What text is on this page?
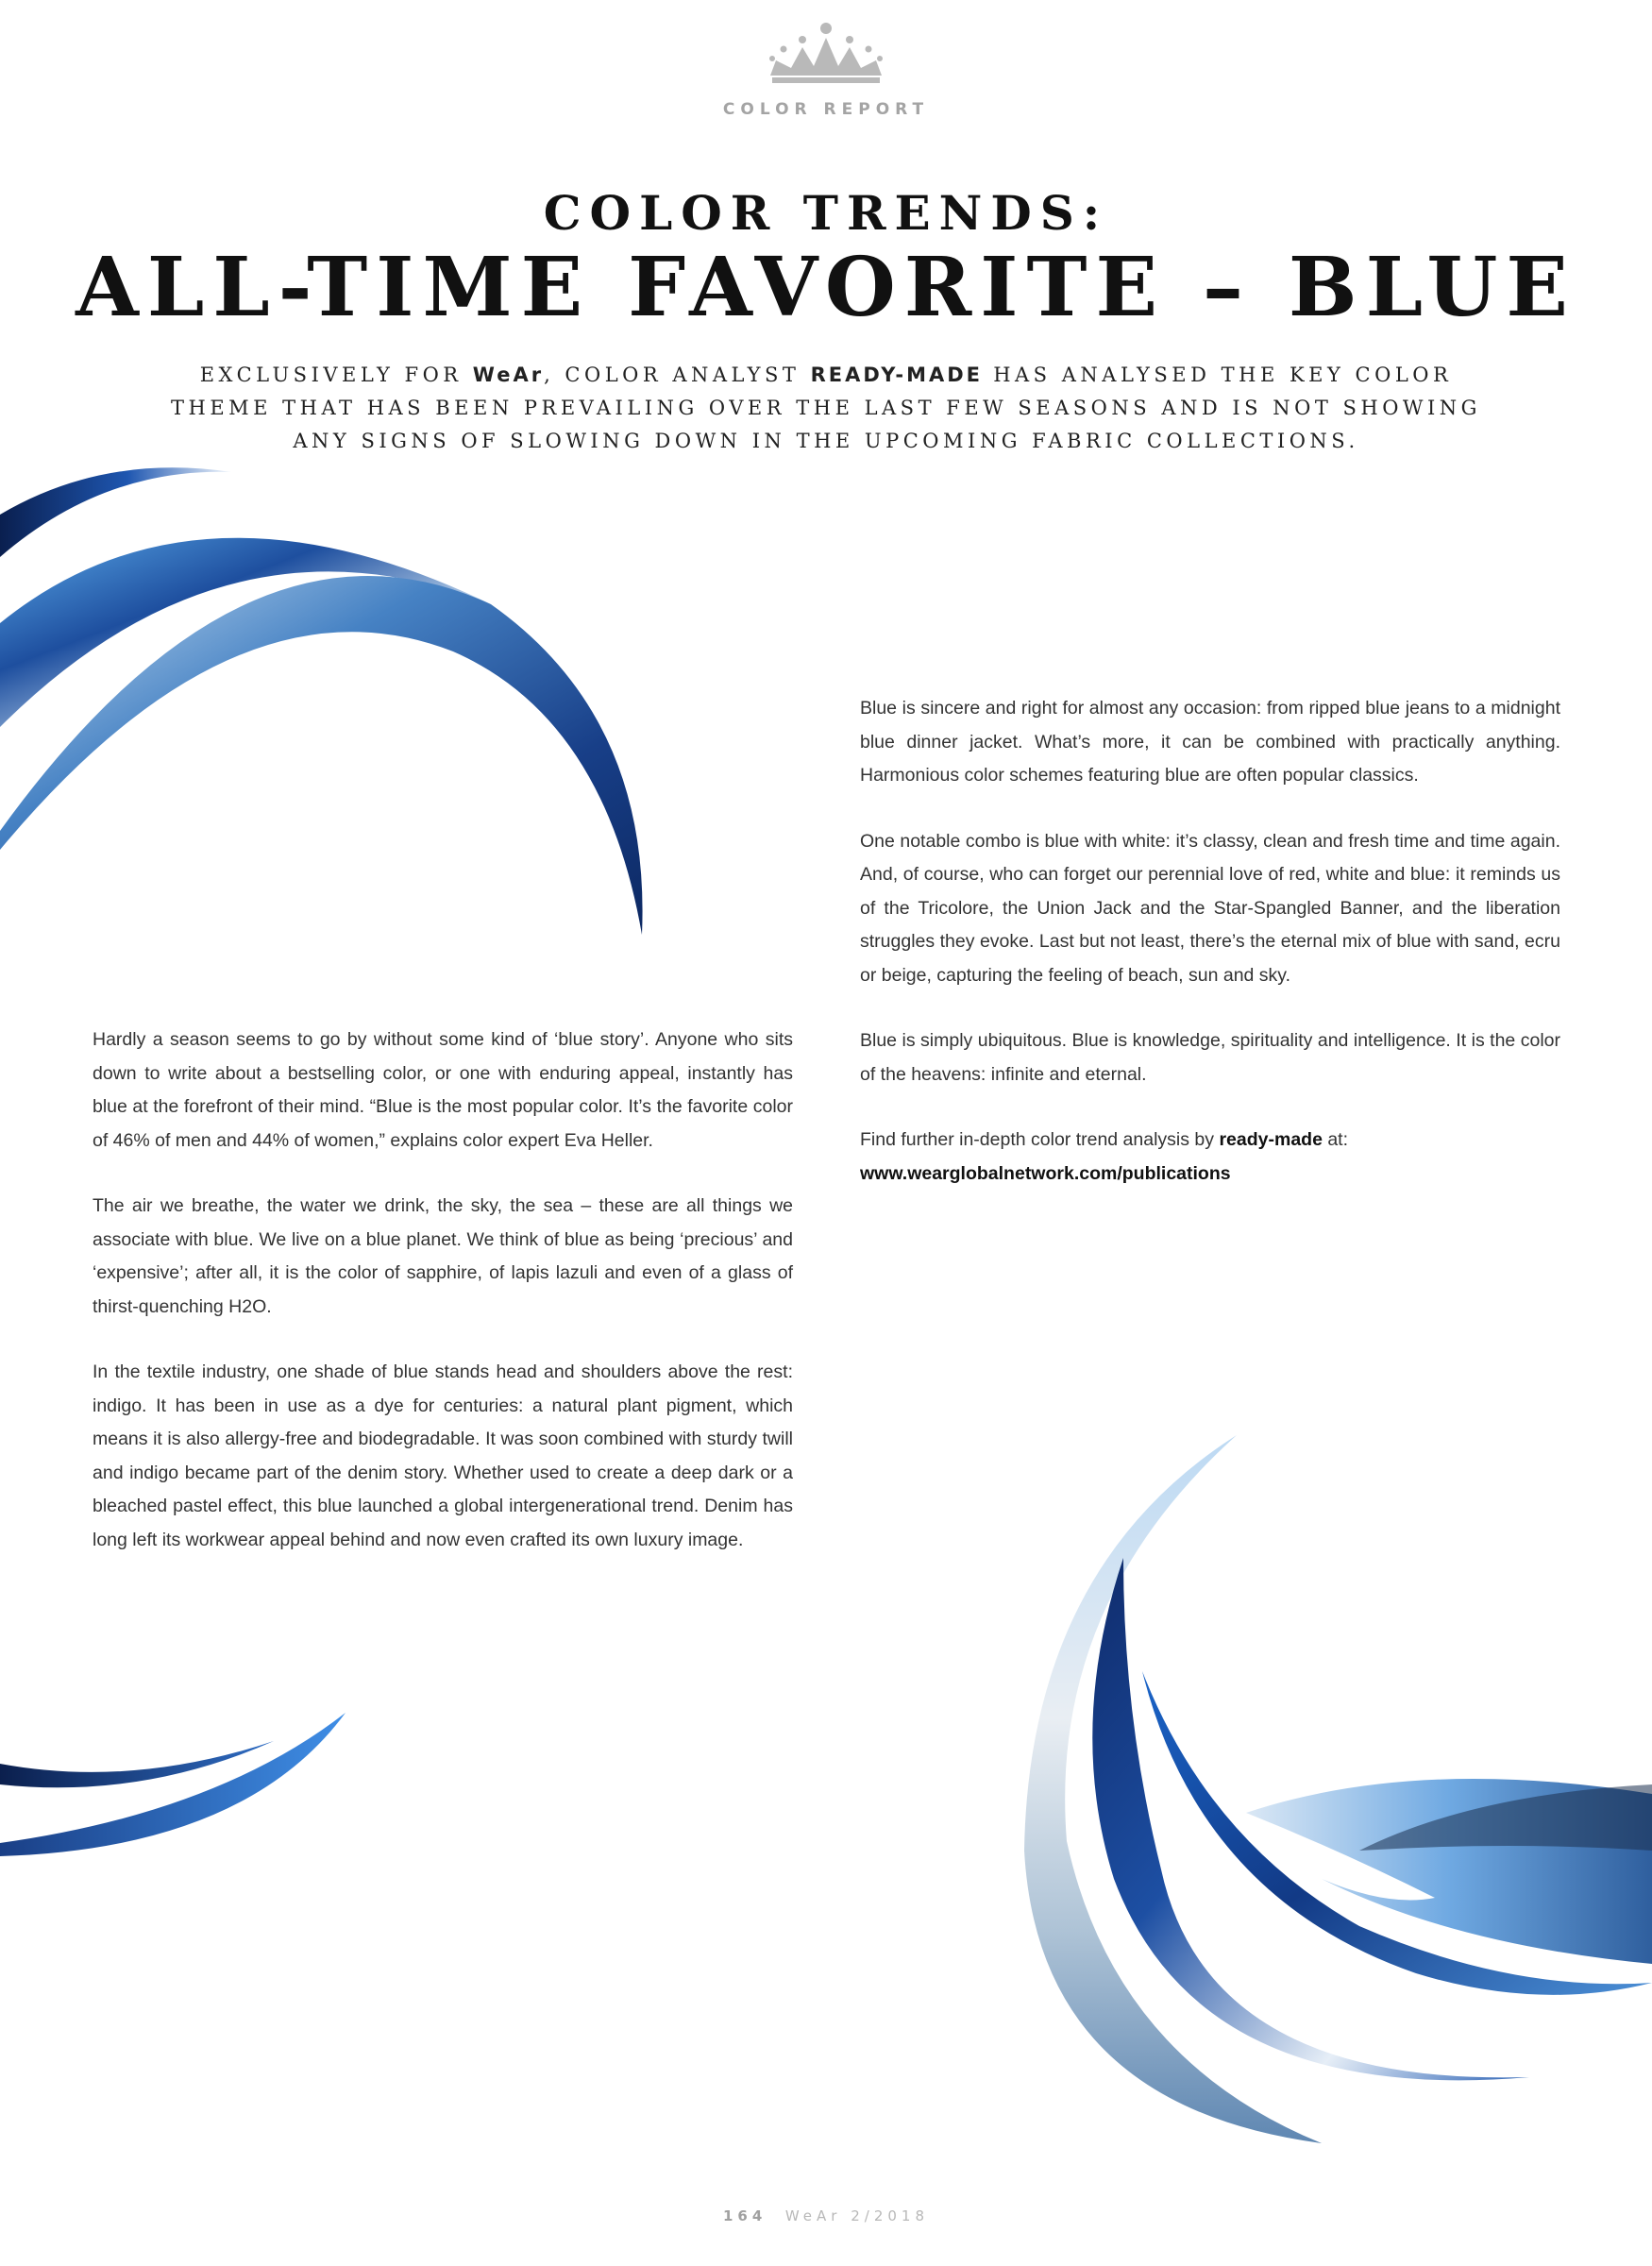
COLOR REPORT
COLOR TRENDS:
ALL-TIME FAVORITE – BLUE
EXCLUSIVELY FOR WeAr, COLOR ANALYST READY-MADE HAS ANALYSED THE KEY COLOR THEME THAT HAS BEEN PREVAILING OVER THE LAST FEW SEASONS AND IS NOT SHOWING ANY SIGNS OF SLOWING DOWN IN THE UPCOMING FABRIC COLLECTIONS.

Hardly a season seems to go by without some kind of ‘blue story’. Anyone who sits down to write about a bestselling color, or one with enduring appeal, instantly has blue at the forefront of their mind. “Blue is the most popular color. It’s the favorite color of 46% of men and 44% of women,” explains color expert Eva Heller.

The air we breathe, the water we drink, the sky, the sea – these are all things we associate with blue. We live on a blue planet. We think of blue as being ‘precious’ and ‘expensive’; after all, it is the color of sapphire, of lapis lazuli and even of a glass of thirst-quenching H2O.

In the textile industry, one shade of blue stands head and shoulders above the rest: indigo. It has been in use as a dye for centuries: a natural plant pigment, which means it is also allergy-free and biodegradable. It was soon combined with sturdy twill and indigo became part of the denim story. Whether used to create a deep dark or a bleached pastel effect, this blue launched a global intergenerational trend. Denim has long left its workwear appeal behind and now even crafted its own luxury image.

Blue is sincere and right for almost any occasion: from ripped blue jeans to a midnight blue dinner jacket. What’s more, it can be combined with practically anything. Harmonious color schemes featuring blue are often popular classics.

One notable combo is blue with white: it’s classy, clean and fresh time and time again. And, of course, who can forget our perennial love of red, white and blue: it reminds us of the Tricolore, the Union Jack and the Star-Spangled Banner, and the liberation struggles they evoke. Last but not least, there’s the eternal mix of blue with sand, ecru or beige, capturing the feeling of beach, sun and sky.

Blue is simply ubiquitous. Blue is knowledge, spirituality and intelligence. It is the color of the heavens: infinite and eternal.

Find further in-depth color trend analysis by ready-made at:
www.wearglobalnetwork.com/publications

164 WeAr 2/2018
